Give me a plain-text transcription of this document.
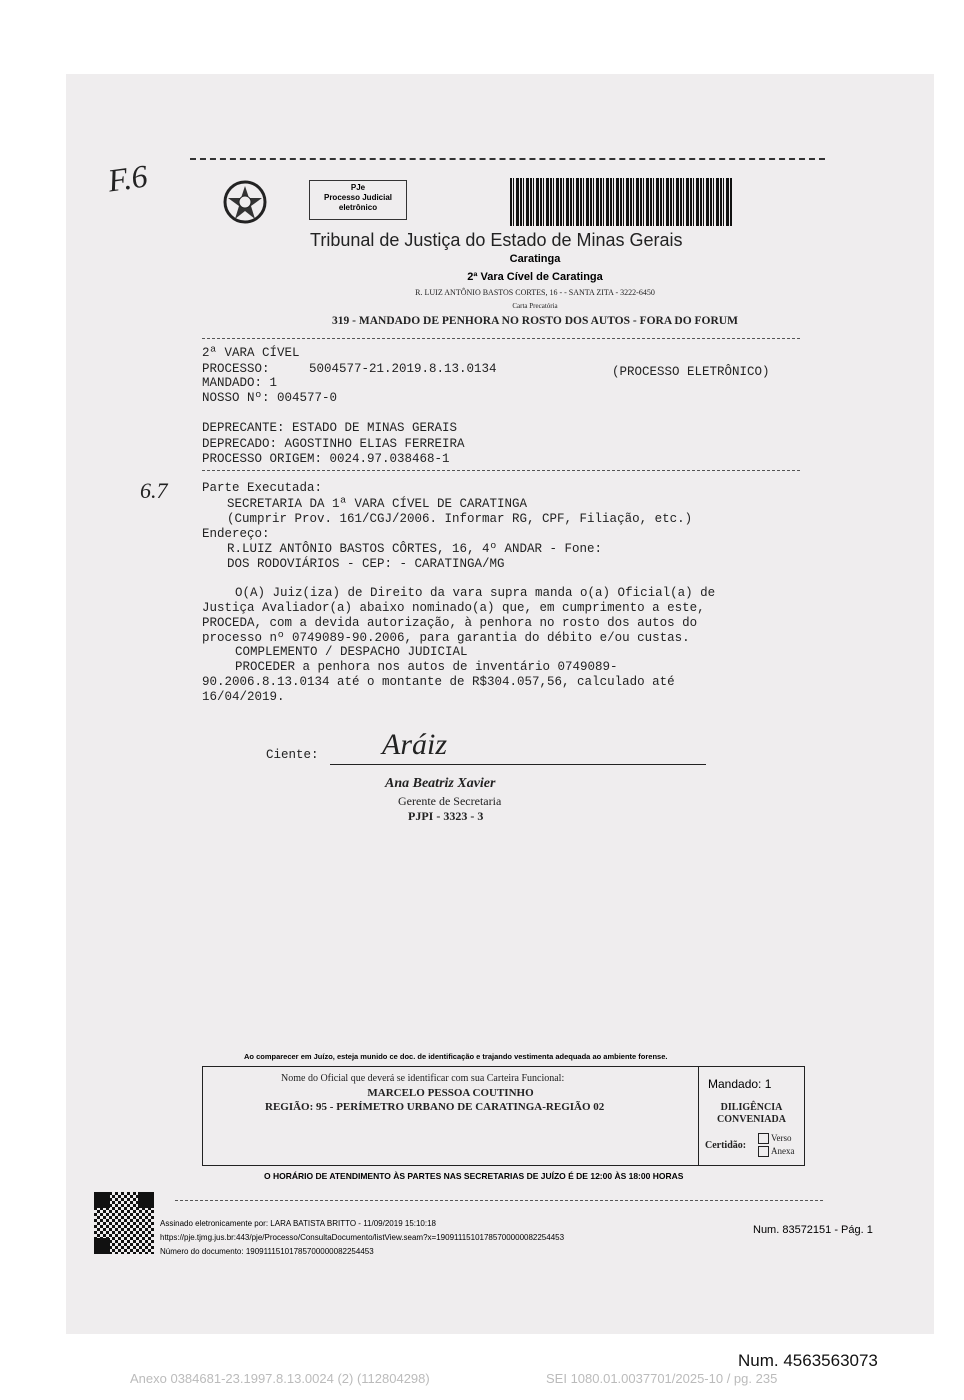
F.6	PJe
Processo Judicial
eletrônico
Tribunal de Justiça do Estado de Minas Gerais
Caratinga
2ª Vara Cível de Caratinga
R. LUIZ ANTÔNIO BASTOS CORTES, 16 - - SANTA ZITA - 3222-6450
Carta Precatória
319 - MANDADO DE PENHORA NO ROSTO DOS AUTOS - FORA DO FORUM
2ª VARA CÍVEL
PROCESSO:	5004577-21.2019.8.13.0134	(PROCESSO ELETRÔNICO)
MANDADO: 1
NOSSO Nº: 004577-0
DEPRECANTE: ESTADO DE MINAS GERAIS
DEPRECADO: AGOSTINHO ELIAS FERREIRA
PROCESSO ORIGEM: 0024.97.038468-1
6.7	Parte Executada:
SECRETARIA DA 1ª VARA CÍVEL DE CARATINGA
(Cumprir Prov. 161/CGJ/2006. Informar RG, CPF, Filiação, etc.)
Endereço:
R.LUIZ ANTÔNIO BASTOS CÔRTES, 16, 4º ANDAR - Fone:
DOS RODOVIÁRIOS - CEP: - CARATINGA/MG
O(A) Juiz(iza) de Direito da vara supra manda o(a) Oficial(a) de
Justiça Avaliador(a) abaixo nominado(a) que, em cumprimento a este,
PROCEDA, com a devida autorização, à penhora no rosto dos autos do
processo nº 0749089-90.2006, para garantia do débito e/ou custas.
COMPLEMENTO / DESPACHO JUDICIAL
PROCEDER a penhora nos autos de inventário 0749089-
90.2006.8.13.0134 até o montante de R$304.057,56, calculado até
16/04/2019.
Ciente: Aráiz
Ana Beatriz Xavier
Gerente de Secretaria
PJPI - 3323 - 3
Ao comparecer em Juízo, esteja munido ce doc. de identificação e trajando vestimenta adequada ao ambiente forense.
Nome do Oficial que deverá se identificar com sua Carteira Funcional:
MARCELO PESSOA COUTINHO
REGIÃO: 95 - PERÍMETRO URBANO DE CARATINGA-REGIÃO 02
Mandado: 1
DILIGÊNCIA
CONVENIADA
Certidão:
Verso
Anexa
O HORÁRIO DE ATENDIMENTO ÀS PARTES NAS SECRETARIAS DE JUÍZO É DE 12:00 ÀS 18:00 HORAS
Assinado eletronicamente por: LARA BATISTA BRITTO - 11/09/2019 15:10:18
https://pje.tjmg.jus.br:443/pje/Processo/ConsultaDocumento/listView.seam?x=19091115101785700000082254453
Número do documento: 19091115101785700000082254453
Num. 83572151 - Pág. 1
Num. 4563563073
Anexo 0384681-23.1997.8.13.0024 (2) (112804298)	SEI 1080.01.0037701/2025-10 / pg. 235
